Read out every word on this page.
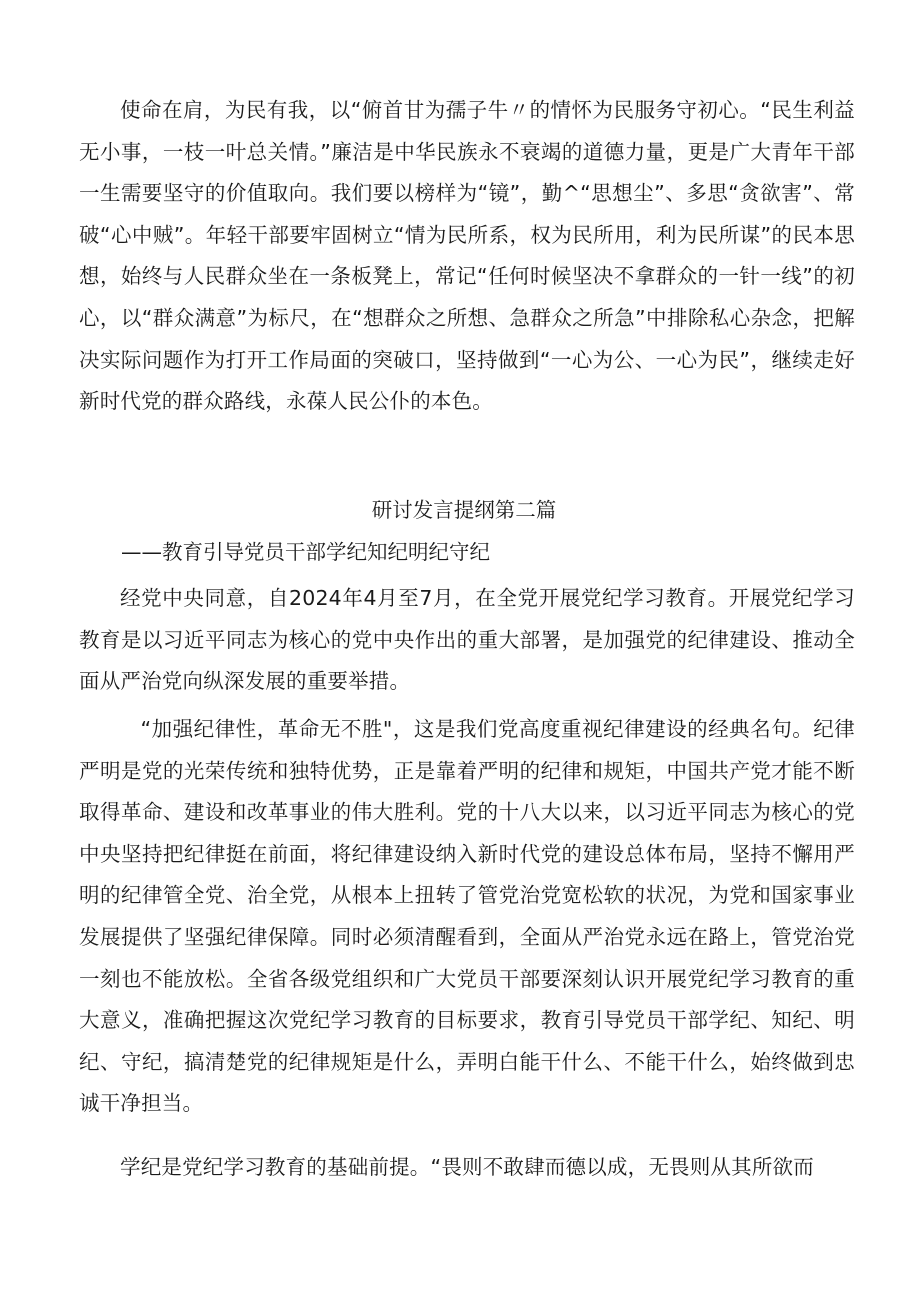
使命在肩，为民有我，以“俯首甘为孺子牛〃的情怀为民服务守初心。“民生利益无小事，一枝一叶总关情。”廉洁是中华民族永不衰竭的道德力量，更是广大青年干部一生需要坚守的价值取向。我们要以榜样为“镜”，勤^“思想尘”、多思“贪欲害”、常破“心中贼”。年轻干部要牢固树立“情为民所系，权为民所用，利为民所谋”的民本思想，始终与人民群众坐在一条板凳上，常记“任何时候坚决不拿群众的一针一线”的初心，以“群众满意”为标尺，在“想群众之所想、急群众之所急”中排除私心杂念，把解决实际问题作为打开工作局面的突破口，坚持做到“一心为公、一心为民”，继续走好新时代党的群众路线，永葆人民公仆的本色。

研讨发言提纲第二篇

——教育引导党员干部学纪知纪明纪守纪

经党中央同意，自2024年4月至7月，在全党开展党纪学习教育。开展党纪学习教育是以习近平同志为核心的党中央作出的重大部署，是加强党的纪律建设、推动全面从严治党向纵深发展的重要举措。

“加强纪律性，革命无不胜"，这是我们党高度重视纪律建设的经典名句。纪律严明是党的光荣传统和独特优势，正是靠着严明的纪律和规矩，中国共产党才能不断取得革命、建设和改革事业的伟大胜利。党的十八大以来，以习近平同志为核心的党中央坚持把纪律挺在前面，将纪律建设纳入新时代党的建设总体布局，坚持不懈用严明的纪律管全党、治全党，从根本上扭转了管党治党宽松软的状况，为党和国家事业发展提供了坚强纪律保障。同时必须清醒看到，全面从严治党永远在路上，管党治党一刻也不能放松。全省各级党组织和广大党员干部要深刻认识开展党纪学习教育的重大意义，准确把握这次党纪学习教育的目标要求，教育引导党员干部学纪、知纪、明纪、守纪，搞清楚党的纪律规矩是什么，弄明白能干什么、不能干什么，始终做到忠诚干净担当。

学纪是党纪学习教育的基础前提。“畏则不敢肆而德以成，无畏则从其所欲而
